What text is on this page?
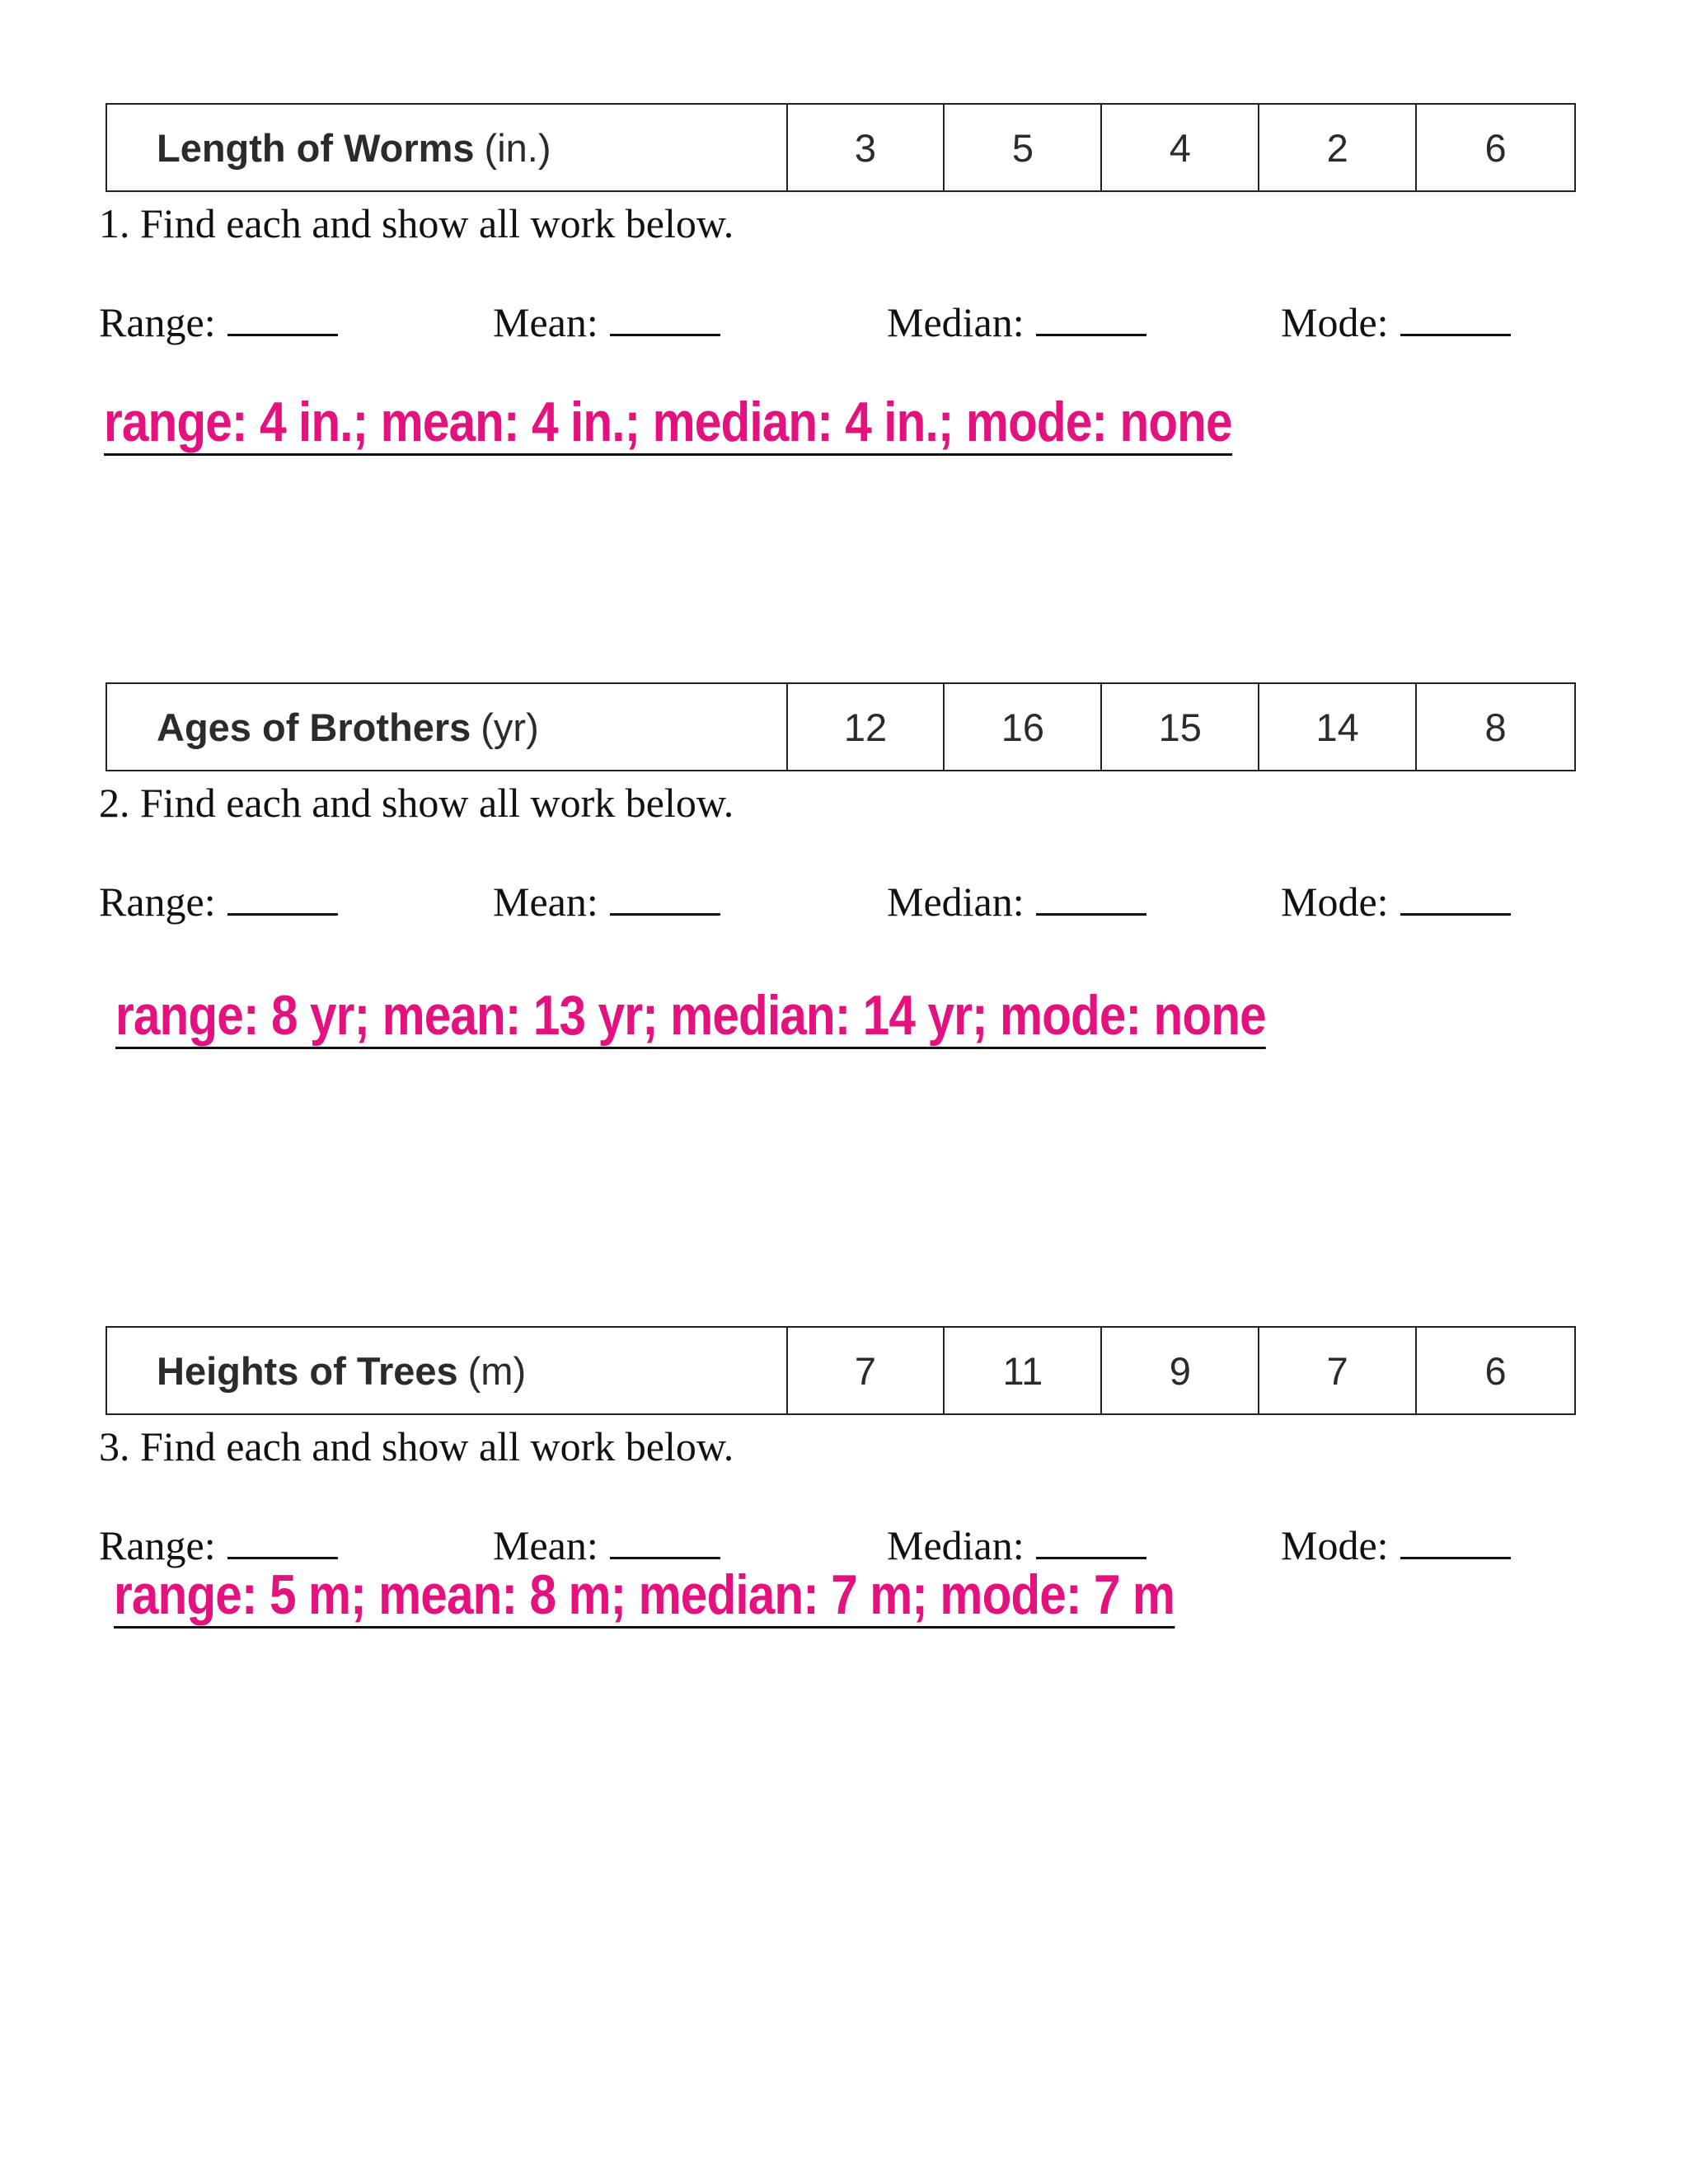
Length of Worms (in.)	3	5	4	2	6
1. Find each and show all work below.
Range:	Mean:	Median:	Mode:
range: 4 in.; mean: 4 in.; median: 4 in.; mode: none
Ages of Brothers (yr)	12	16	15	14	8
2. Find each and show all work below.
Range:	Mean:	Median:	Mode:
range: 8 yr; mean: 13 yr; median: 14 yr; mode: none
Heights of Trees (m)	7	11	9	7	6
3. Find each and show all work below.
Range:	Mean:	Median:	Mode:
range: 5 m; mean: 8 m; median: 7 m; mode: 7 m
